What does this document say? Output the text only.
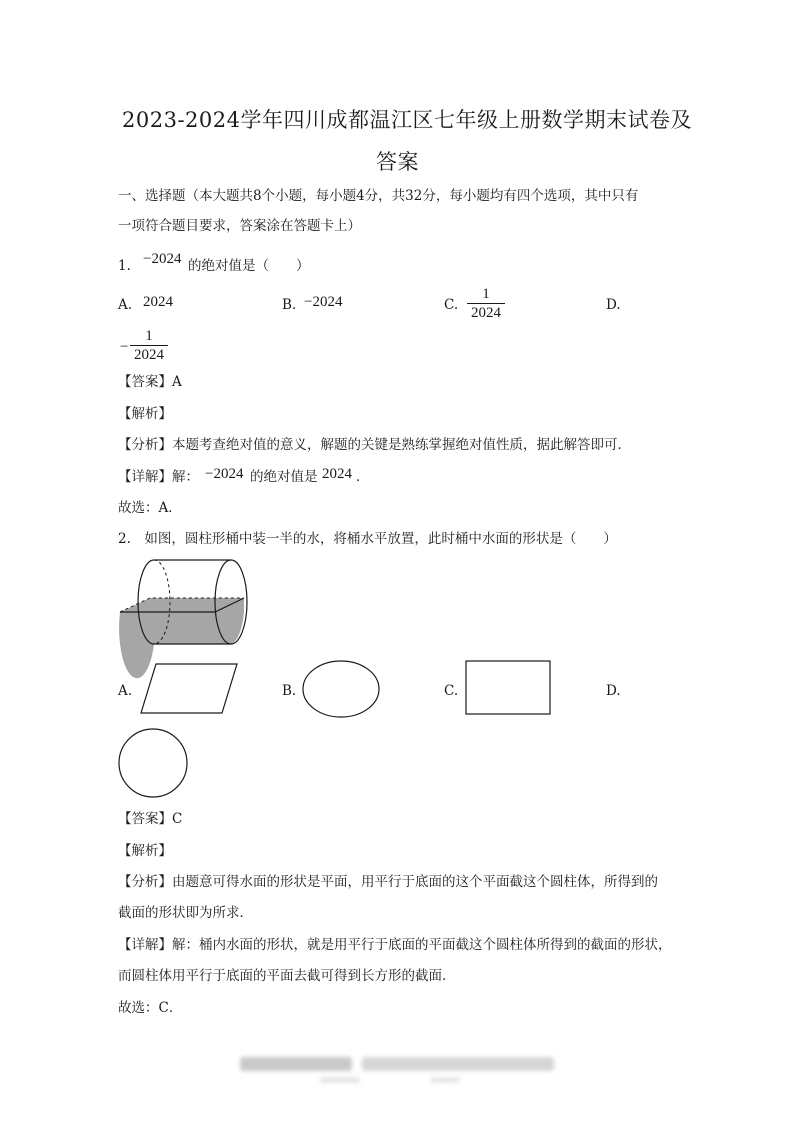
2023-2024学年四川成都温江区七年级上册数学期末试卷及
答案
一、选择题（本大题共8个小题，每小题4分，共32分，每小题均有四个选项，其中只有
一项符合题目要求，答案涂在答题卡上）
1. −2024 的绝对值是（　　）
A. 2024	B. −2024	C.
1
2024	D.
−
1
2024
【答案】A
【解析】
【分析】本题考查绝对值的意义，解题的关键是熟练掌握绝对值性质，据此解答即可．
【详解】解： −2024 的绝对值是 2024 ．
故选：A．
2.　如图，圆柱形桶中装一半的水，将桶水平放置，此时桶中水面的形状是（　　）
A.	B.	C.	D.
【答案】C
【解析】
【分析】由题意可得水面的形状是平面，用平行于底面的这个平面截这个圆柱体，所得到的
截面的形状即为所求．
【详解】解：桶内水面的形状，就是用平行于底面的平面截这个圆柱体所得到的截面的形状，
而圆柱体用平行于底面的平面去截可得到长方形的截面．
故选：C．
